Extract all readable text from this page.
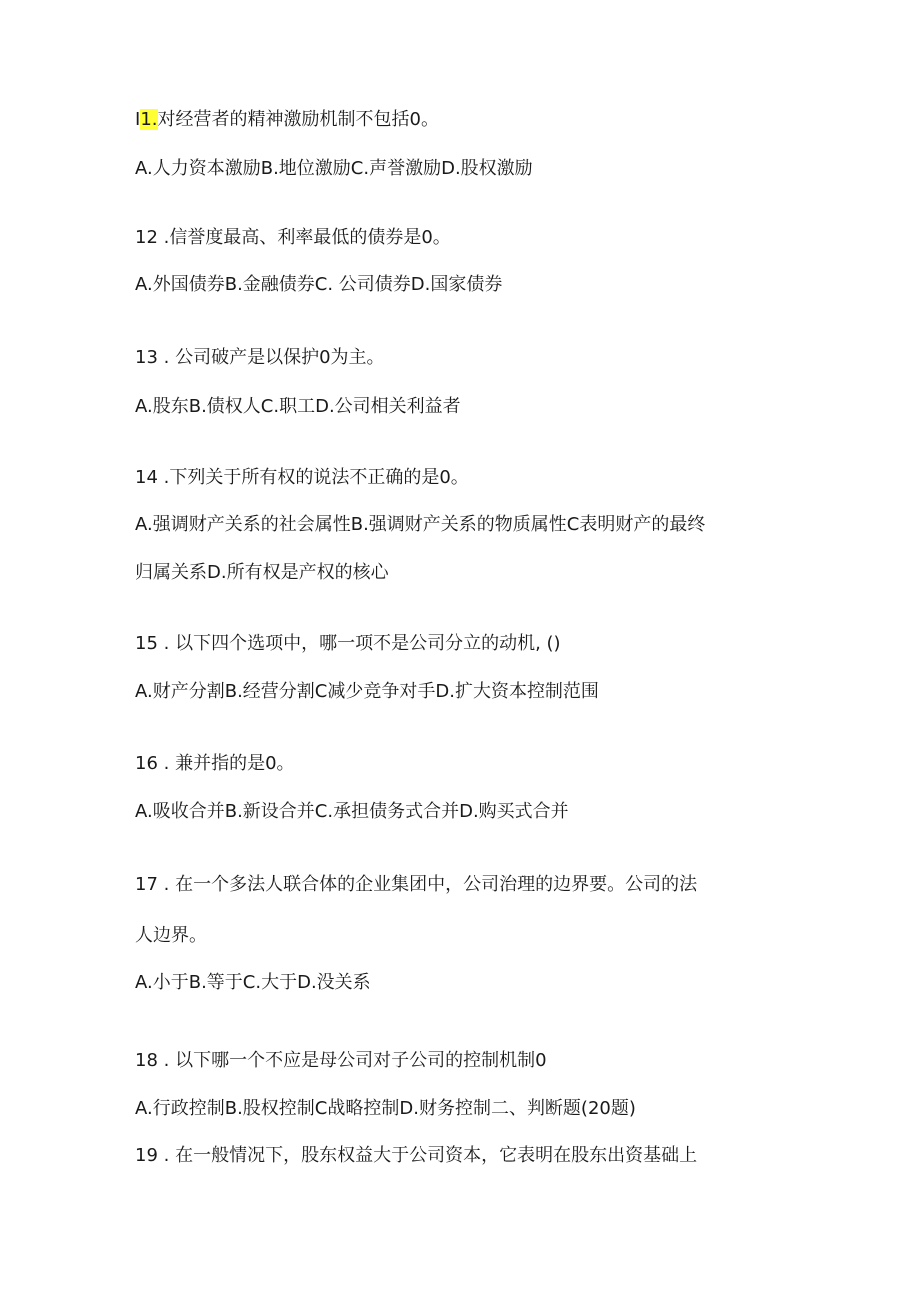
I1.对经营者的精神激励机制不包括0。
A.人力资本激励B.地位激励C.声誉激励D.股权激励
12 .信誉度最高、利率最低的债券是0。
A.外国债券B.金融债券C. 公司债券D.国家债券
13 . 公司破产是以保护0为主。
A.股东B.债权人C.职工D.公司相关利益者
14 .下列关于所有权的说法不正确的是0。
A.强调财产关系的社会属性B.强调财产关系的物质属性C表明财产的最终
归属关系D.所有权是产权的核心
15 . 以下四个选项中，哪一项不是公司分立的动机, ()
A.财产分割B.经营分割C减少竞争对手D.扩大资本控制范围
16 . 兼并指的是0。
A.吸收合并B.新设合并C.承担债务式合并D.购买式合并
17 . 在一个多法人联合体的企业集团中，公司治理的边界要。公司的法
人边界。
A.小于B.等于C.大于D.没关系
18 . 以下哪一个不应是母公司对子公司的控制机制0
A.行政控制B.股权控制C战略控制D.财务控制二、判断题(20题)
19 . 在一般情况下，股东权益大于公司资本，它表明在股东出资基础上
